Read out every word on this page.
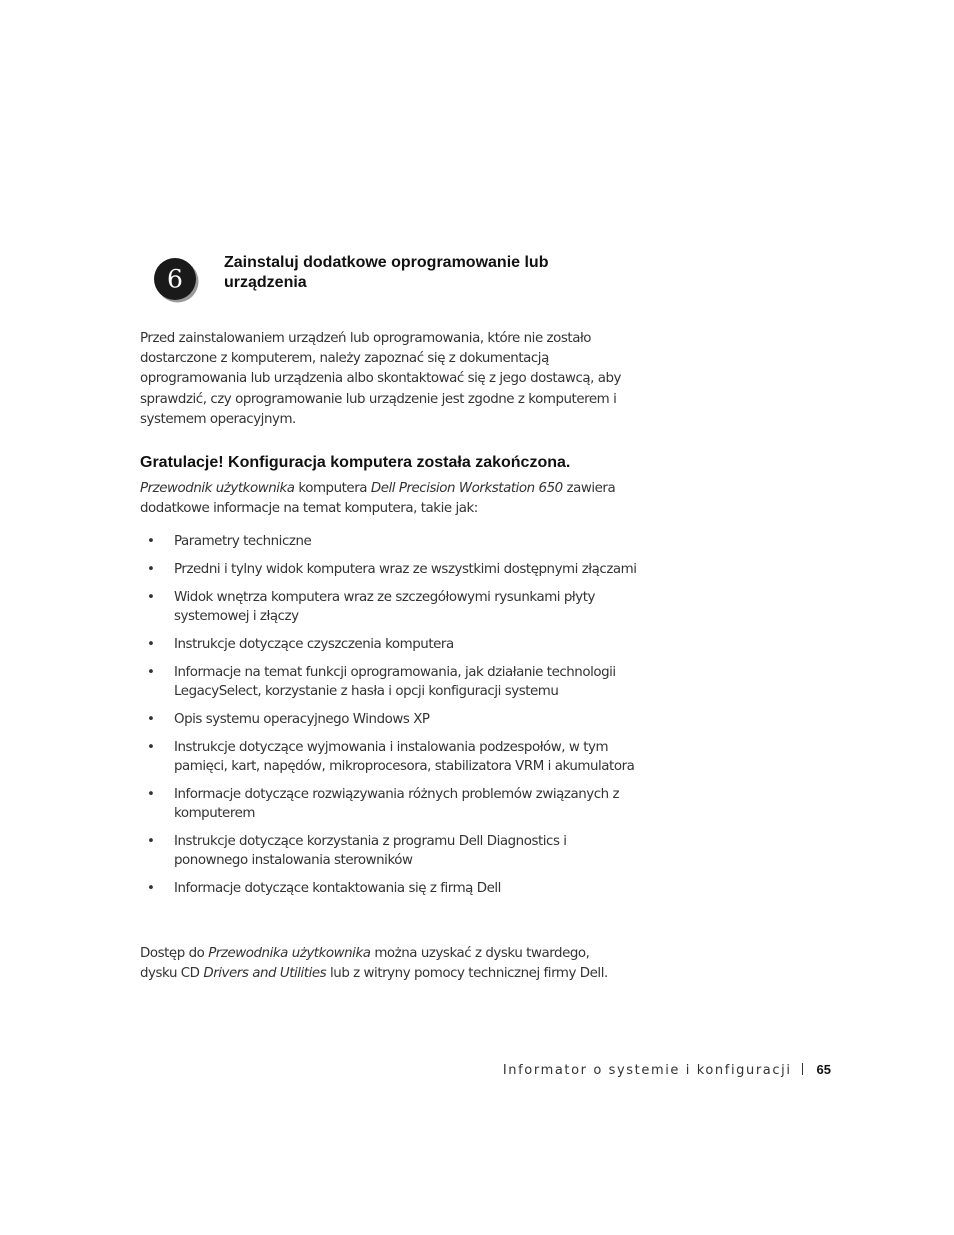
6
Zainstaluj dodatkowe oprogramowanie lub urządzenia

Przed zainstalowaniem urządzeń lub oprogramowania, które nie zostało dostarczone z komputerem, należy zapoznać się z dokumentacją oprogramowania lub urządzenia albo skontaktować się z jego dostawcą, aby sprawdzić, czy oprogramowanie lub urządzenie jest zgodne z komputerem i systemem operacyjnym.

Gratulacje! Konfiguracja komputera została zakończona.

Przewodnik użytkownika komputera Dell Precision Workstation 650 zawiera dodatkowe informacje na temat komputera, takie jak:

• Parametry techniczne
• Przedni i tylny widok komputera wraz ze wszystkimi dostępnymi złączami
• Widok wnętrza komputera wraz ze szczegółowymi rysunkami płyty systemowej i złączy
• Instrukcje dotyczące czyszczenia komputera
• Informacje na temat funkcji oprogramowania, jak działanie technologii LegacySelect, korzystanie z hasła i opcji konfiguracji systemu
• Opis systemu operacyjnego Windows XP
• Instrukcje dotyczące wyjmowania i instalowania podzespołów, w tym pamięci, kart, napędów, mikroprocesora, stabilizatora VRM i akumulatora
• Informacje dotyczące rozwiązywania różnych problemów związanych z komputerem
• Instrukcje dotyczące korzystania z programu Dell Diagnostics i ponownego instalowania sterowników
• Informacje dotyczące kontaktowania się z firmą Dell

Dostęp do Przewodnika użytkownika można uzyskać z dysku twardego, dysku CD Drivers and Utilities lub z witryny pomocy technicznej firmy Dell.

Informator o systemie i konfiguracji 65
